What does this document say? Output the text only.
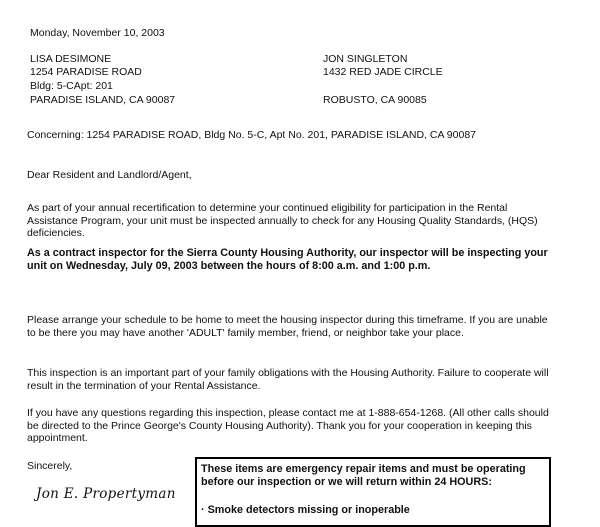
Monday, November 10, 2003
LISA DESIMONE
1254 PARADISE ROAD
Bldg: 5-CApt: 201
PARADISE ISLAND, CA 90087
JON SINGLETON
1432 RED JADE CIRCLE
ROBUSTO, CA 90085
Concerning: 1254 PARADISE ROAD, Bldg No. 5-C, Apt No. 201, PARADISE ISLAND, CA 90087
Dear Resident and Landlord/Agent,
As part of your annual recertification to determine your continued eligibility for participation in the Rental Assistance Program, your unit must be inspected annually to check for any Housing Quality Standards, (HQS) deficiencies.
As a contract inspector for the Sierra County Housing Authority, our inspector will be inspecting your unit on Wednesday, July 09, 2003 between the hours of 8:00 a.m. and 1:00 p.m.
Please arrange your schedule to be home to meet the housing inspector during this timeframe. If you are unable to be there you may have another 'ADULT' family member, friend, or neighbor take your place.
This inspection is an important part of your family obligations with the Housing Authority. Failure to cooperate will result in the termination of your Rental Assistance.
If you have any questions regarding this inspection, please contact me at 1-888-654-1268. (All other calls should be directed to the Prince George's County Housing Authority). Thank you for your cooperation in keeping this appointment.
Sincerely,
Jon E. Propertyman
These items are emergency repair items and must be operating before our inspection or we will return within 24 HOURS:
· Smoke detectors missing or inoperable
